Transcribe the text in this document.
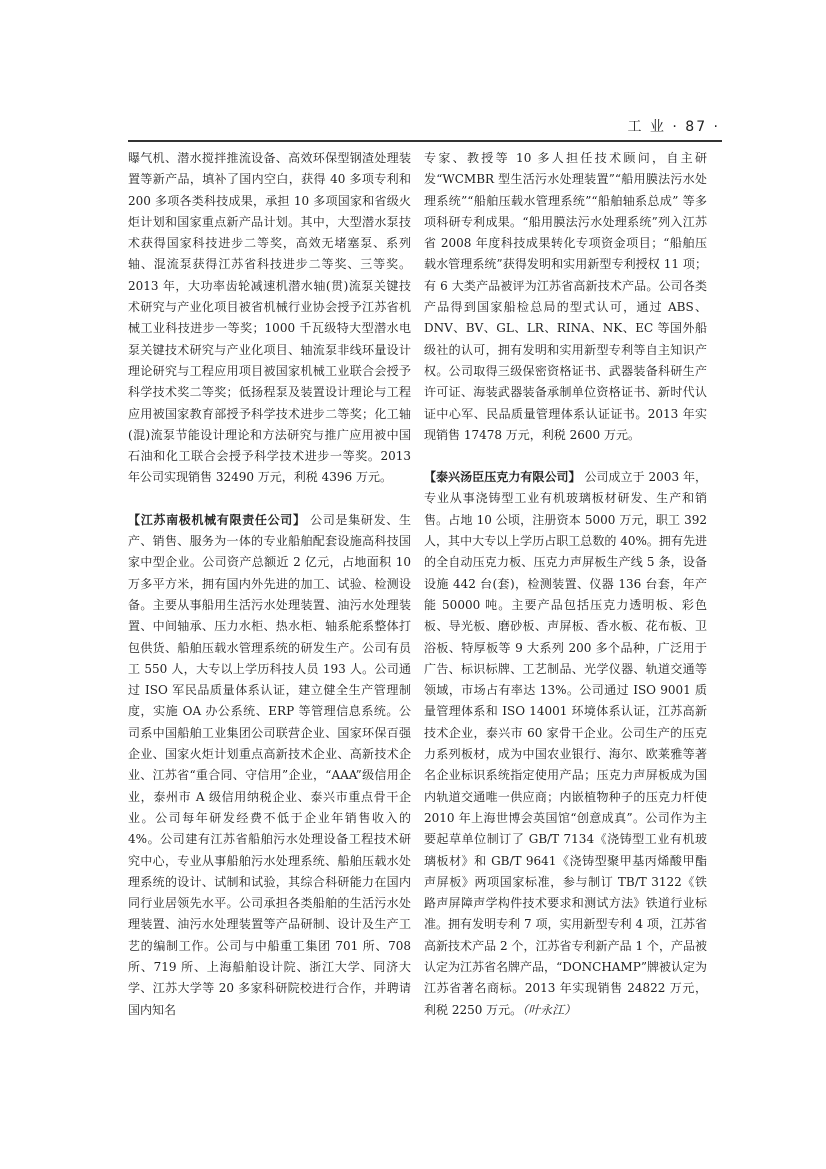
工 业 · 87 ·

曝气机、潜水搅拌推流设备、高效环保型钢渣处理装置等新产品，填补了国内空白，获得 40 多项专利和 200 多项各类科技成果，承担 10 多项国家和省级火炬计划和国家重点新产品计划。其中，大型潜水泵技术获得国家科技进步二等奖，高效无堵塞泵、系列轴、混流泵获得江苏省科技进步二等奖、三等奖。2013 年，大功率齿轮减速机潜水轴(贯)流泵关键技术研究与产业化项目被省机械行业协会授予江苏省机械工业科技进步一等奖；1000 千瓦级特大型潜水电泵关键技术研究与产业化项目、轴流泵非线环量设计理论研究与工程应用项目被国家机械工业联合会授予科学技术奖二等奖；低扬程泵及装置设计理论与工程应用被国家教育部授予科学技术进步二等奖；化工轴(混)流泵节能设计理论和方法研究与推广应用被中国石油和化工联合会授予科学技术进步一等奖。2013 年公司实现销售 32490 万元，利税 4396 万元。

【江苏南极机械有限责任公司】 公司是集研发、生产、销售、服务为一体的专业船舶配套设施高科技国家中型企业。公司资产总额近 2 亿元，占地面积 10 万多平方米，拥有国内外先进的加工、试验、检测设备。主要从事船用生活污水处理装置、油污水处理装置、中间轴承、压力水柜、热水柜、轴系舵系整体打包供货、船舶压载水管理系统的研发生产。公司有员工 550 人，大专以上学历科技人员 193 人。公司通过 ISO 军民品质量体系认证，建立健全生产管理制度，实施 OA 办公系统、ERP 等管理信息系统。公司系中国船舶工业集团公司联营企业、国家环保百强企业、国家火炬计划重点高新技术企业、高新技术企业、江苏省“重合同、守信用”企业，“AAA”级信用企业，泰州市 A 级信用纳税企业、泰兴市重点骨干企业。公司每年研发经费不低于企业年销售收入的 4%。公司建有江苏省船舶污水处理设备工程技术研究中心，专业从事船舶污水处理系统、船舶压载水处理系统的设计、试制和试验，其综合科研能力在国内同行业居领先水平。公司承担各类船舶的生活污水处理装置、油污水处理装置等产品研制、设计及生产工艺的编制工作。公司与中船重工集团 701 所、708 所、719 所、上海船舶设计院、浙江大学、同济大学、江苏大学等 20 多家科研院校进行合作，并聘请国内知名

专家、教授等 10 多人担任技术顾问，自主研发“WCMBR 型生活污水处理装置”“船用膜法污水处理系统”“船舶压载水管理系统”“船舶轴系总成” 等多项科研专利成果。“船用膜法污水处理系统”列入江苏省 2008 年度科技成果转化专项资金项目；“船舶压载水管理系统”获得发明和实用新型专利授权 11 项；有 6 大类产品被评为江苏省高新技术产品。公司各类产品得到国家船检总局的型式认可，通过 ABS、DNV、BV、GL、LR、RINA、NK、EC 等国外船级社的认可，拥有发明和实用新型专利等自主知识产权。公司取得三级保密资格证书、武器装备科研生产许可证、海装武器装备承制单位资格证书、新时代认证中心军、民品质量管理体系认证证书。2013 年实现销售 17478 万元，利税 2600 万元。

【泰兴汤臣压克力有限公司】 公司成立于 2003 年，专业从事浇铸型工业有机玻璃板材研发、生产和销售。占地 10 公顷，注册资本 5000 万元，职工 392 人，其中大专以上学历占职工总数的 40%。拥有先进的全自动压克力板、压克力声屏板生产线 5 条，设备设施 442 台(套)，检测装置、仪器 136 台套，年产能 50000 吨。主要产品包括压克力透明板、彩色板、导光板、磨砂板、声屏板、香水板、花布板、卫浴板、特厚板等 9 大系列 200 多个品种，广泛用于广告、标识标牌、工艺制品、光学仪器、轨道交通等领域，市场占有率达 13%。公司通过 ISO 9001 质量管理体系和 ISO 14001 环境体系认证，江苏高新技术企业，泰兴市 60 家骨干企业。公司生产的压克力系列板材，成为中国农业银行、海尔、欧莱雅等著名企业标识系统指定使用产品；压克力声屏板成为国内轨道交通唯一供应商；内嵌植物种子的压克力杆使 2010 年上海世博会英国馆“创意成真”。公司作为主要起草单位制订了 GB/T 7134《浇铸型工业有机玻璃板材》和 GB/T 9641《浇铸型聚甲基丙烯酸甲酯声屏板》两项国家标准，参与制订 TB/T 3122《铁路声屏障声学构件技术要求和测试方法》铁道行业标准。拥有发明专利 7 项，实用新型专利 4 项，江苏省高新技术产品 2 个，江苏省专利新产品 1 个，产品被认定为江苏省名牌产品，“DONCHAMP”牌被认定为江苏省著名商标。2013 年实现销售 24822 万元，利税 2250 万元。（叶永江）
